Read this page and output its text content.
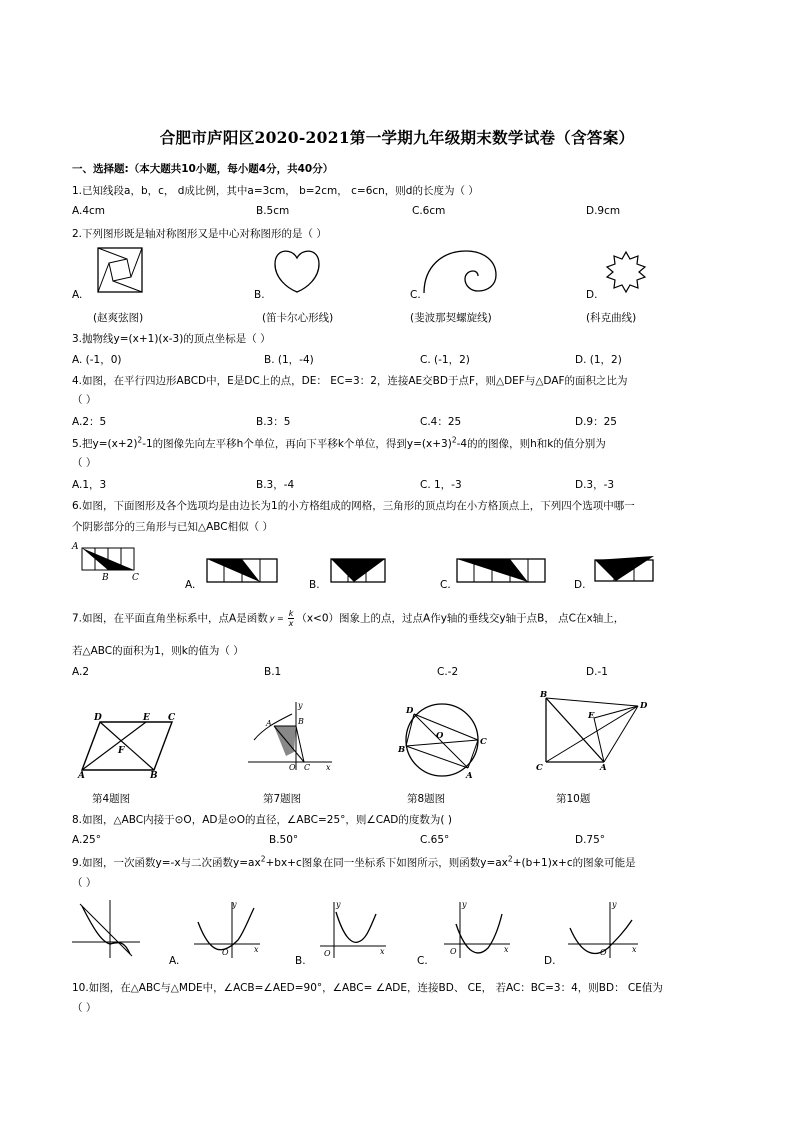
合肥市庐阳区2020-2021第一学期九年级期末数学试卷（含答案）
一、选择题:（本大题共10小题，每小题4分，共40分）
1.已知线段a，b，c， d成比例，其中a=3cm， b=2cm， c=6cn，则d的长度为（ ）
A.4cm	B.5cm	C.6cm	D.9cm
2.下列图形既是轴对称图形又是中心对称图形的是（ ）
A.	B.	C.	D.
(赵爽弦图)	(笛卡尔心形线)	(斐波那契螺旋线)	(科克曲线)
3.抛物线y=(x+1)(x-3)的顶点坐标是（ ）
A. (-1，0)	B. (1，-4)	C. (-1，2)	D. (1，2)
4.如图，在平行四边形ABCD中，E是DC上的点，DE： EC=3：2，连接AE交BD于点F，则△DEF与△DAF的面积之比为
（ ）
A.2：5	B.3：5	C.4：25	D.9：25
5.把$y=(x+2)^2-1$的图像先向左平移h个单位，再向下平移k个单位，得到$y=(x+3)^2-4$的的图像，则h和k的值分别为
（ ）
A.1，3	B.3，-4	C. 1，-3	D.3，-3
6.如图，下面图形及各个选项均是由边长为1的小方格组成的网格，三角形的顶点均在小方格顶点上，下列四个选项中哪一
个阴影部分的三角形与已知△ABC相似（ ）
A
B	C
A.	B.	C.	D.
7.如图，在平面直角坐标系中，点A是函数 $y = \frac{k}{x} (x<0)$图象上的点，过点A作y轴的垂线交y轴于点B， 点C在x轴上，
若△ABC的面积为1，则k的值为（ ）
A.2	B.1	C.-2	D.-1
D	E C
F
A	B
y
A	B
O C x
D
O
B
C
A
B
D
E
C	A
第4题图	第7题图	第8题图	第10题
8.如图，△ABC内接于⊙O，AD是⊙O的直径，∠ABC=25°，则∠CAD的度数为( )
A.25°	B.50°	C.65°	D.75°
9.如图，一次函数y=-x与二次函数$y=ax^2+bx+c$图象在同一坐标系下如图所示，则函数$y=ax^2+(b+1)x+c$的图象可能是
（ ）
A.
y
x
O
B.
y
x
O
C.
y
x
O
D.
y
x
O
10.如图，在△ABC与△MDE中，∠ACB=∠AED=90°，∠ABC= ∠ADE，连接BD、 CE， 若AC：BC=3：4，则BD： CE值为
（ ）
